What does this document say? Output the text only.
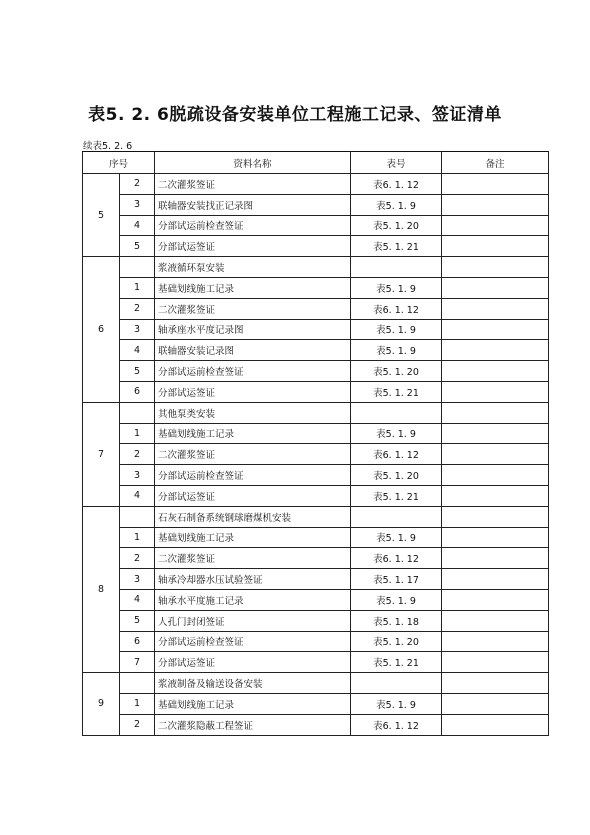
表5. 2. 6脱疏设备安装单位工程施工记录、签证清单
续表5. 2. 6
序号		资料名称	表号	备注
5	2	二次灌浆签证	表6. 1. 12	
	3	联轴器安装找正记录图	表5. 1. 9	
	4	分部试运前检查签证	表5. 1. 20	
	5	分部试运签证	表5. 1. 21	
6		浆液循环泵安装		
	1	基础划线施工记录	表5. 1. 9	
	2	二次灌浆签证	表6. 1. 12	
	3	轴承座水平度记录图	表5. 1. 9	
	4	联轴器安装记录图	表5. 1. 9	
	5	分部试运前检查签证	表5. 1. 20	
	6	分部试运签证	表5. 1. 21	
7		其他泵类安装		
	1	基础划线施工记录	表5. 1. 9	
	2	二次灌浆签证	表6. 1. 12	
	3	分部试运前检查签证	表5. 1. 20	
	4	分部试运签证	表5. 1. 21	
8		石灰石制备系统钢球磨煤机安装		
	1	基础划线施工记录	表5. 1. 9	
	2	二次灌浆签证	表6. 1. 12	
	3	轴承冷却器水压试验签证	表5. 1. 17	
	4	轴承水平度施工记录	表5. 1. 9	
	5	人孔门封闭签证	表5. 1. 18	
	6	分部试运前检查签证	表5. 1. 20	
	7	分部试运签证	表5. 1. 21	
9		浆液制备及输送设备安装		
	1	基础划线施工记录	表5. 1. 9	
	2	二次灌浆隐蔽工程签证	表6. 1. 12	
